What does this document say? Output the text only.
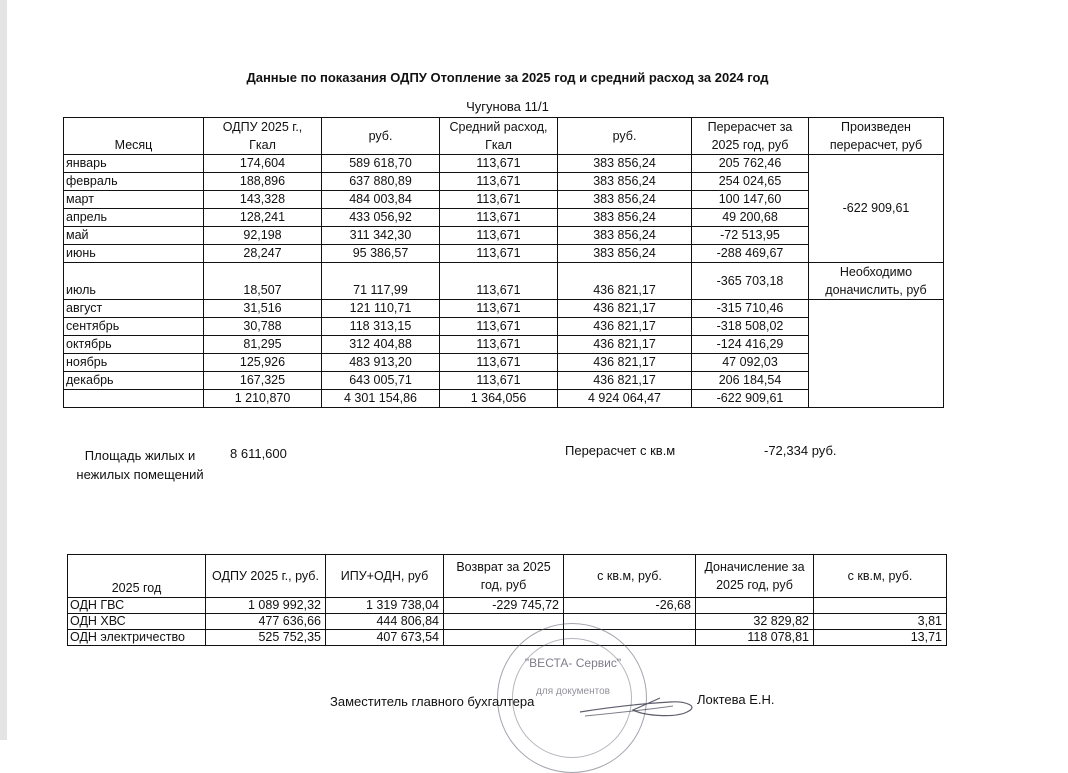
Данные по показания ОДПУ Отопление за 2025 год и средний расход за 2024 год
Чугунова 11/1
Месяц	ОДПУ 2025 г., Гкал	руб.	Средний расход, Гкал	руб.	Перерасчет за 2025 год, руб	Произведен перерасчет, руб
январь	174,604	589 618,70	113,671	383 856,24	205 762,46	-622 909,61
февраль	188,896	637 880,89	113,671	383 856,24	254 024,65	
март	143,328	484 003,84	113,671	383 856,24	100 147,60	
апрель	128,241	433 056,92	113,671	383 856,24	49 200,68	
май	92,198	311 342,30	113,671	383 856,24	-72 513,95	
июнь	28,247	95 386,57	113,671	383 856,24	-288 469,67	
июль	18,507	71 117,99	113,671	436 821,17	-365 703,18	Необходимо доначислить, руб
август	31,516	121 110,71	113,671	436 821,17	-315 710,46	
сентябрь	30,788	118 313,15	113,671	436 821,17	-318 508,02	
октябрь	81,295	312 404,88	113,671	436 821,17	-124 416,29	
ноябрь	125,926	483 913,20	113,671	436 821,17	47 092,03	
декабрь	167,325	643 005,71	113,671	436 821,17	206 184,54	
	1 210,870	4 301 154,86	1 364,056	4 924 064,47	-622 909,61	
Площадь жилых и нежилых помещений
8 611,600	Перерасчет с кв.м	-72,334 руб.
2025 год	ОДПУ 2025 г., руб.	ИПУ+ОДН, руб	Возврат за 2025 год, руб	с кв.м, руб.	Доначисление за 2025 год, руб	с кв.м, руб.
ОДН ГВС	1 089 992,32	1 319 738,04	-229 745,72	-26,68		
ОДН ХВС	477 636,66	444 806,84			32 829,82	3,81
ОДН электричество	525 752,35	407 673,54			118 078,81	13,71
"ВЕСТА- Сервис"
для документов
Заместитель главного бухгалтера	Локтева Е.Н.
